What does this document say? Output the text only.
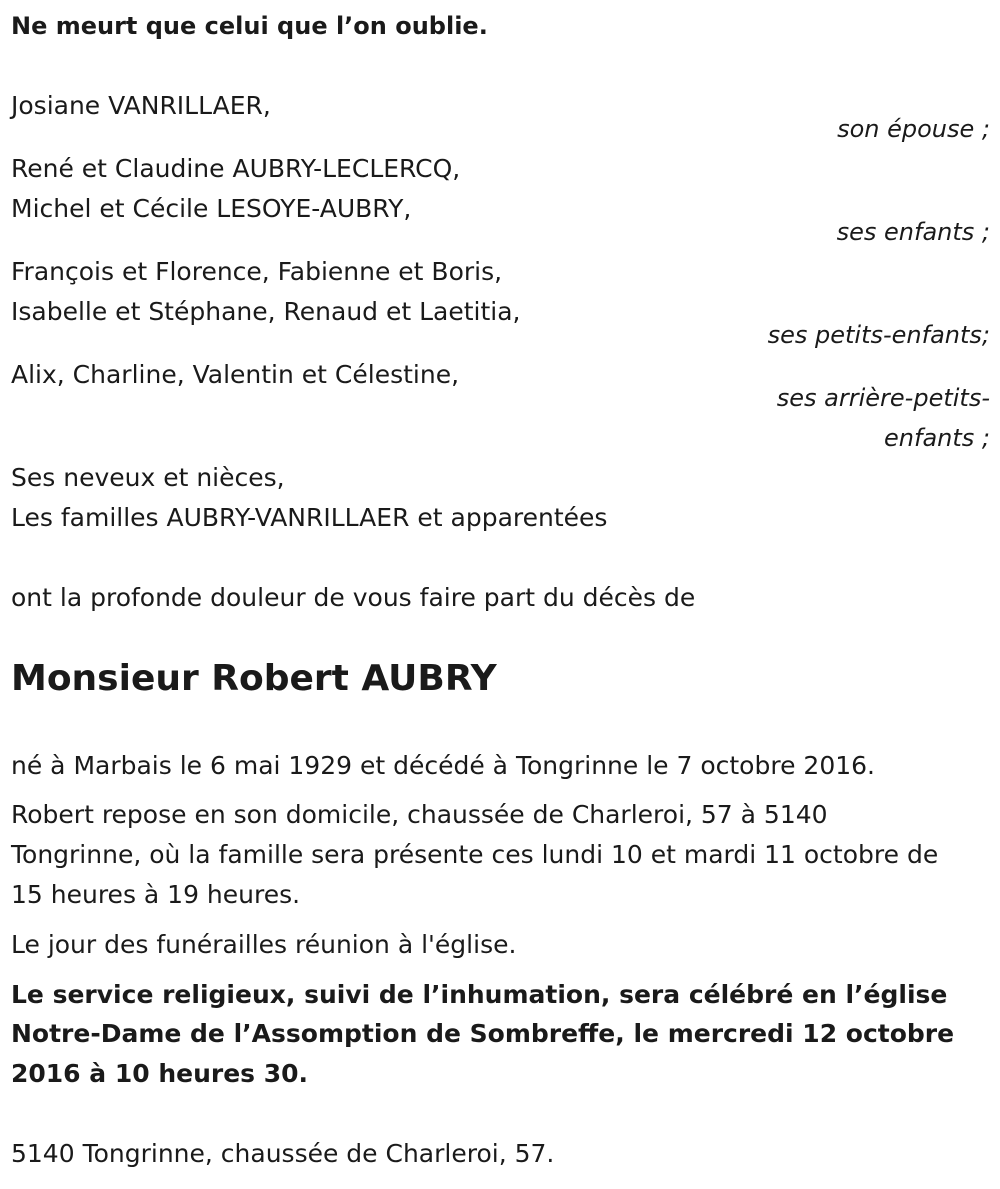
Ne meurt que celui que l’on oublie.
Josiane VANRILLAER,
son épouse ;
René et Claudine AUBRY-LECLERCQ,
Michel et Cécile LESOYE-AUBRY,
ses enfants ;
François et Florence, Fabienne et Boris,
Isabelle et Stéphane, Renaud et Laetitia,
ses petits-enfants;
Alix, Charline, Valentin et Célestine,
ses arrière-petits-
enfants ;
Ses neveux et nièces,
Les familles AUBRY-VANRILLAER et apparentées
ont la profonde douleur de vous faire part du décès de
Monsieur Robert AUBRY
né à Marbais le 6 mai 1929 et décédé à Tongrinne le 7 octobre 2016.
Robert repose en son domicile, chaussée de Charleroi, 57 à 5140
Tongrinne, où la famille sera présente ces lundi 10 et mardi 11 octobre de
15 heures à 19 heures.
Le jour des funérailles réunion à l'église.
Le service religieux, suivi de l’inhumation, sera célébré en l’église
Notre-Dame de l’Assomption de Sombreffe, le mercredi 12 octobre
2016 à 10 heures 30.
5140 Tongrinne, chaussée de Charleroi, 57.
